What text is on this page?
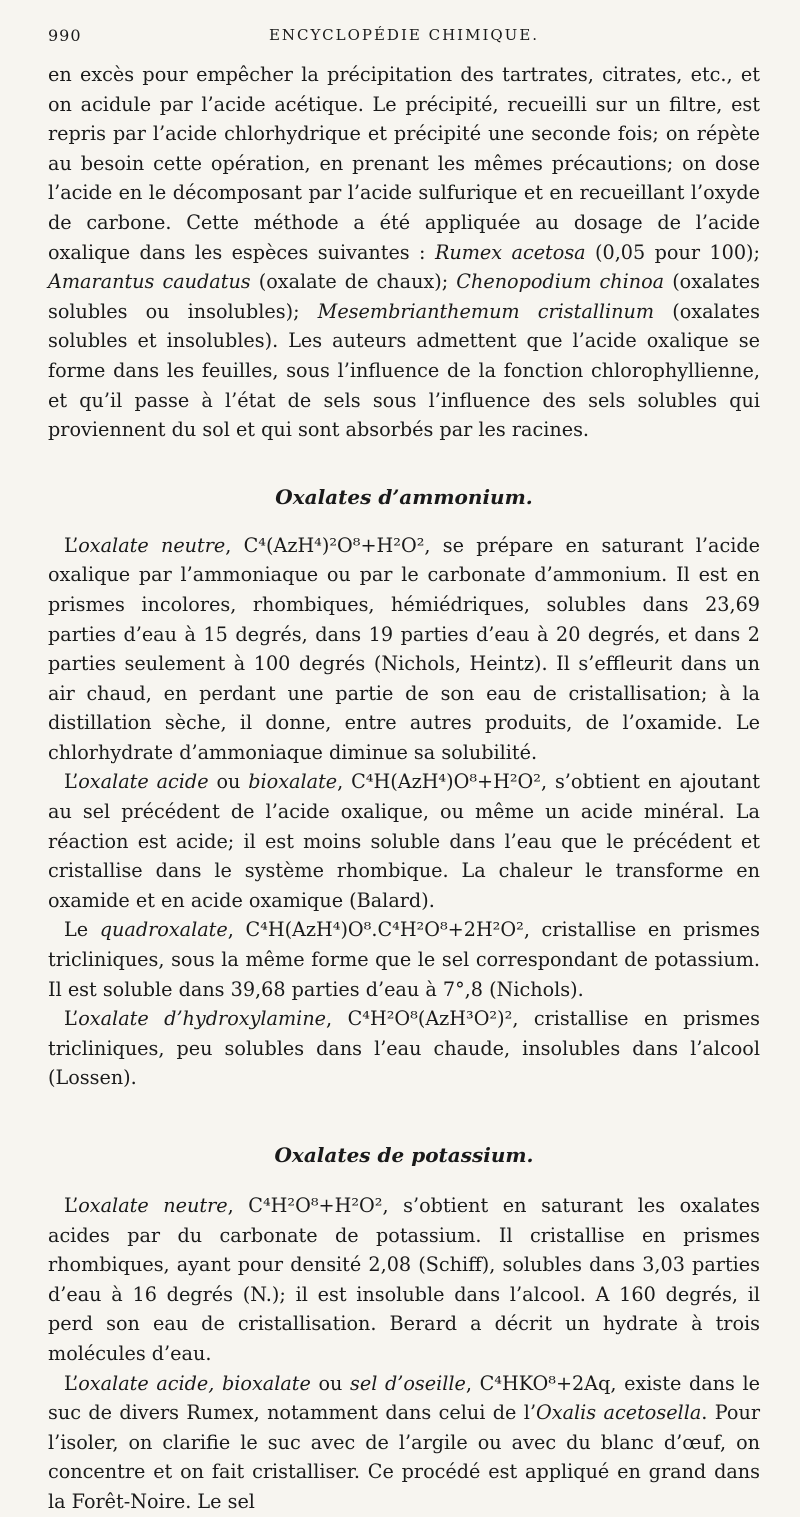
990	ENCYCLOPÉDIE CHIMIQUE.

en excès pour empêcher la précipitation des tartrates, citrates, etc., et on acidule par l’acide acétique. Le précipité, recueilli sur un filtre, est repris par l’acide chlorhydrique et précipité une seconde fois; on répète au besoin cette opération, en prenant les mêmes précautions; on dose l’acide en le décomposant par l’acide sulfurique et en recueillant l’oxyde de carbone. Cette méthode a été appliquée au dosage de l’acide oxalique dans les espèces suivantes : Rumex acetosa (0,05 pour 100); Amarantus caudatus (oxalate de chaux); Chenopodium chinoa (oxalates solubles ou insolubles); Mesembrianthemum cristallinum (oxalates solubles et insolubles). Les auteurs admettent que l’acide oxalique se forme dans les feuilles, sous l’influence de la fonction chlorophyllienne, et qu’il passe à l’état de sels sous l’influence des sels solubles qui proviennent du sol et qui sont absorbés par les racines.

Oxalates d’ammonium.

L’oxalate neutre, C⁴(AzH⁴)²O⁸+H²O², se prépare en saturant l’acide oxalique par l’ammoniaque ou par le carbonate d’ammonium. Il est en prismes incolores, rhombiques, hémiédriques, solubles dans 23,69 parties d’eau à 15 degrés, dans 19 parties d’eau à 20 degrés, et dans 2 parties seulement à 100 degrés (Nichols, Heintz). Il s’effleurit dans un air chaud, en perdant une partie de son eau de cristallisation; à la distillation sèche, il donne, entre autres produits, de l’oxamide. Le chlorhydrate d’ammoniaque diminue sa solubilité.

L’oxalate acide ou bioxalate, C⁴H(AzH⁴)O⁸+H²O², s’obtient en ajoutant au sel précédent de l’acide oxalique, ou même un acide minéral. La réaction est acide; il est moins soluble dans l’eau que le précédent et cristallise dans le système rhombique. La chaleur le transforme en oxamide et en acide oxamique (Balard).

Le quadroxalate, C⁴H(AzH⁴)O⁸.C⁴H²O⁸+2H²O², cristallise en prismes tricliniques, sous la même forme que le sel correspondant de potassium. Il est soluble dans 39,68 parties d’eau à 7°,8 (Nichols).

L’oxalate d’hydroxylamine, C⁴H²O⁸(AzH³O²)², cristallise en prismes tricliniques, peu solubles dans l’eau chaude, insolubles dans l’alcool (Lossen).

Oxalates de potassium.

L’oxalate neutre, C⁴H²O⁸+H²O², s’obtient en saturant les oxalates acides par du carbonate de potassium. Il cristallise en prismes rhombiques, ayant pour densité 2,08 (Schiff), solubles dans 3,03 parties d’eau à 16 degrés (N.); il est insoluble dans l’alcool. A 160 degrés, il perd son eau de cristallisation. Berard a décrit un hydrate à trois molécules d’eau.

L’oxalate acide, bioxalate ou sel d’oseille, C⁴HKO⁸+2Aq, existe dans le suc de divers Rumex, notamment dans celui de l’Oxalis acetosella. Pour l’isoler, on clarifie le suc avec de l’argile ou avec du blanc d’œuf, on concentre et on fait cristalliser. Ce procédé est appliqué en grand dans la Forêt-Noire. Le sel
